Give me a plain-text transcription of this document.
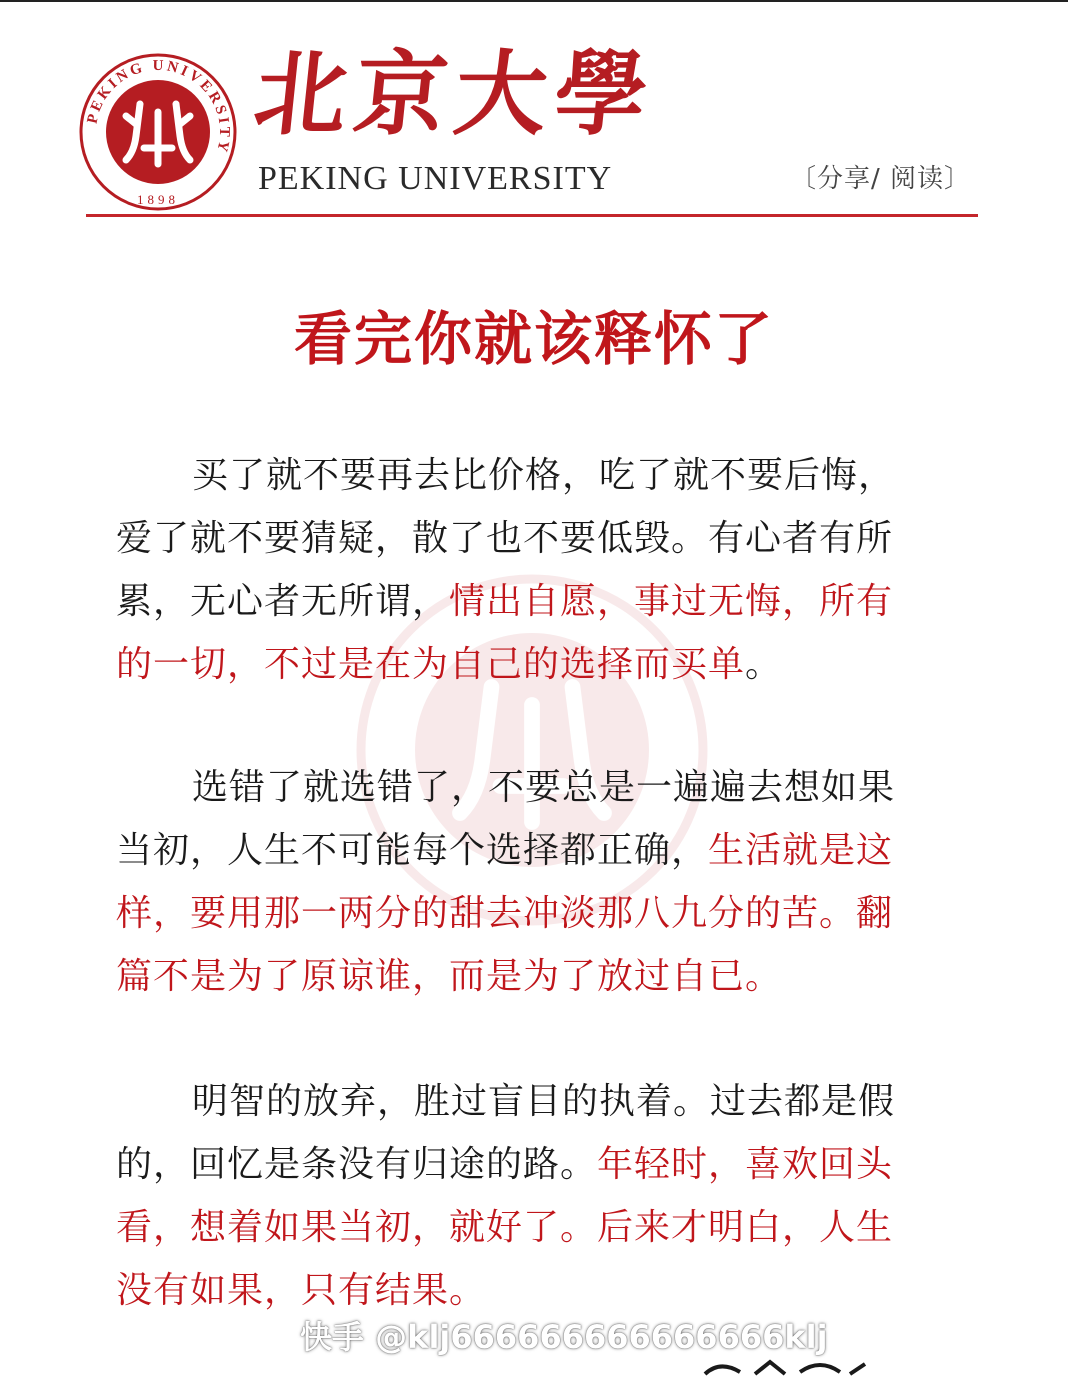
PEKING UNIVERSITY
1898
北京大學
PEKING UNIVERSITY	〔分享/ 阅读〕
看完你就该释怀了
买了就不要再去比价格，吃了就不要后悔，爱了就不要猜疑，散了也不要低毁。有心者有所累，无心者无所谓，情出自愿，事过无悔，所有的一切，不过是在为自己的选择而买单。
选错了就选错了，不要总是一遍遍去想如果当初，人生不可能每个选择都正确，生活就是这样，要用那一两分的甜去冲淡那八九分的苦。翻篇不是为了原谅谁，而是为了放过自已。
明智的放弃，胜过盲目的执着。过去都是假的，回忆是条没有归途的路。年轻时，喜欢回头看，想着如果当初，就好了。后来才明白，人生没有如果，只有结果。
快手 @klj666666666666666klj
